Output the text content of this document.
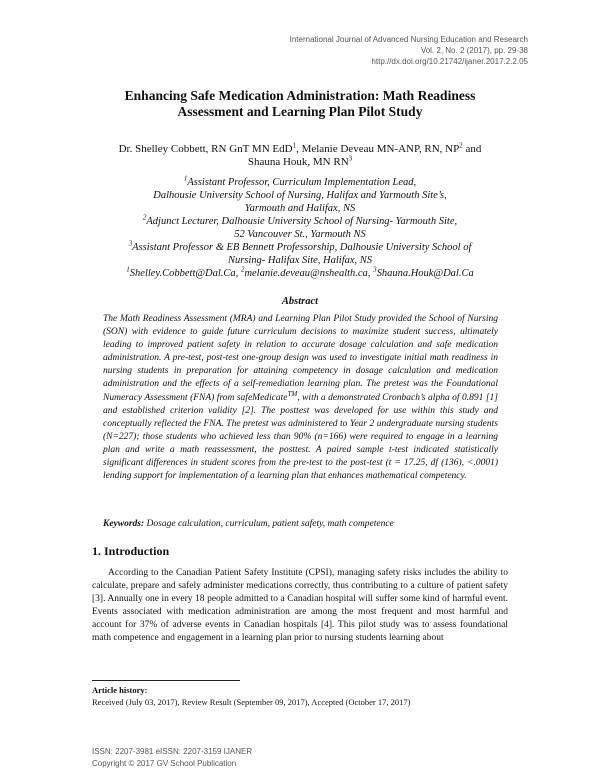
International Journal of Advanced Nursing Education and Research
Vol. 2, No. 2 (2017), pp. 29-38
http://dx.doi.org/10.21742/ijaner.2017.2.2.05
Enhancing Safe Medication Administration: Math Readiness
Assessment and Learning Plan Pilot Study
Dr. Shelley Cobbett, RN GnT MN EdD$^1$, Melanie Deveau MN-ANP, RN, $NP^2$ and
Shauna Houk, MN $RN^3$
$^1$Assistant Professor, Curriculum Implementation Lead,
Dalhousie University School of Nursing, Halifax and Yarmouth Site’s,
Yarmouth and Halifax, NS
$^2$Adjunct Lecturer, Dalhousie University School of Nursing- Yarmouth Site,
52 Vancouver St., Yarmouth NS
$^3$Assistant Professor & EB Bennett Professorship, Dalhousie University School of
Nursing- Halifax Site, Halifax, NS
$^1$Shelley.Cobbett@Dal.Ca, $^2$melanie.deveau@nshealth.ca, $^3$Shauna.Houk@Dal.Ca
Abstract
The Math Readiness Assessment (MRA) and Learning Plan Pilot Study provided the School of Nursing (SON) with evidence to guide future curriculum decisions to maximize student success, ultimately leading to improved patient safety in relation to accurate dosage calculation and safe medication administration. A pre-test, post-test one-group design was used to investigate initial math readiness in nursing students in preparation for attaining competency in dosage calculation and medication administration and the effects of a self-remediation learning plan. The pretest was the Foundational Numeracy Assessment (FNA) from safeMedicate™, with a demonstrated Cronbach’s alpha of 0.891 [1] and established criterion validity [2]. The posttest was developed for use within this study and conceptually reflected the FNA. The pretest was administered to Year 2 undergraduate nursing students (N=227); those students who achieved less than 90% (n=166) were required to engage in a learning plan and write a math reassessment, the posttest. A paired sample t-test indicated statistically significant differences in student scores from the pre-test to the post-test (t = 17.25, df (136), <.0001) lending support for implementation of a learning plan that enhances mathematical competency.
Keywords: Dosage calculation, curriculum, patient safety, math competence
1. Introduction
According to the Canadian Patient Safety Institute (CPSI), managing safety risks includes the ability to calculate, prepare and safely administer medications correctly, thus contributing to a culture of patient safety [3]. Annually one in every 18 people admitted to a Canadian hospital will suffer some kind of harmful event. Events associated with medication administration are among the most frequent and most harmful and account for 37% of adverse events in Canadian hospitals [4]. This pilot study was to assess foundational math competence and engagement in a learning plan prior to nursing students learning about
Article history:
Received (July 03, 2017), Review Result (September 09, 2017), Accepted (October 17, 2017)
ISSN: 2207-3981 eISSN: 2207-3159 IJANER
Copyright © 2017 GV School Publication
